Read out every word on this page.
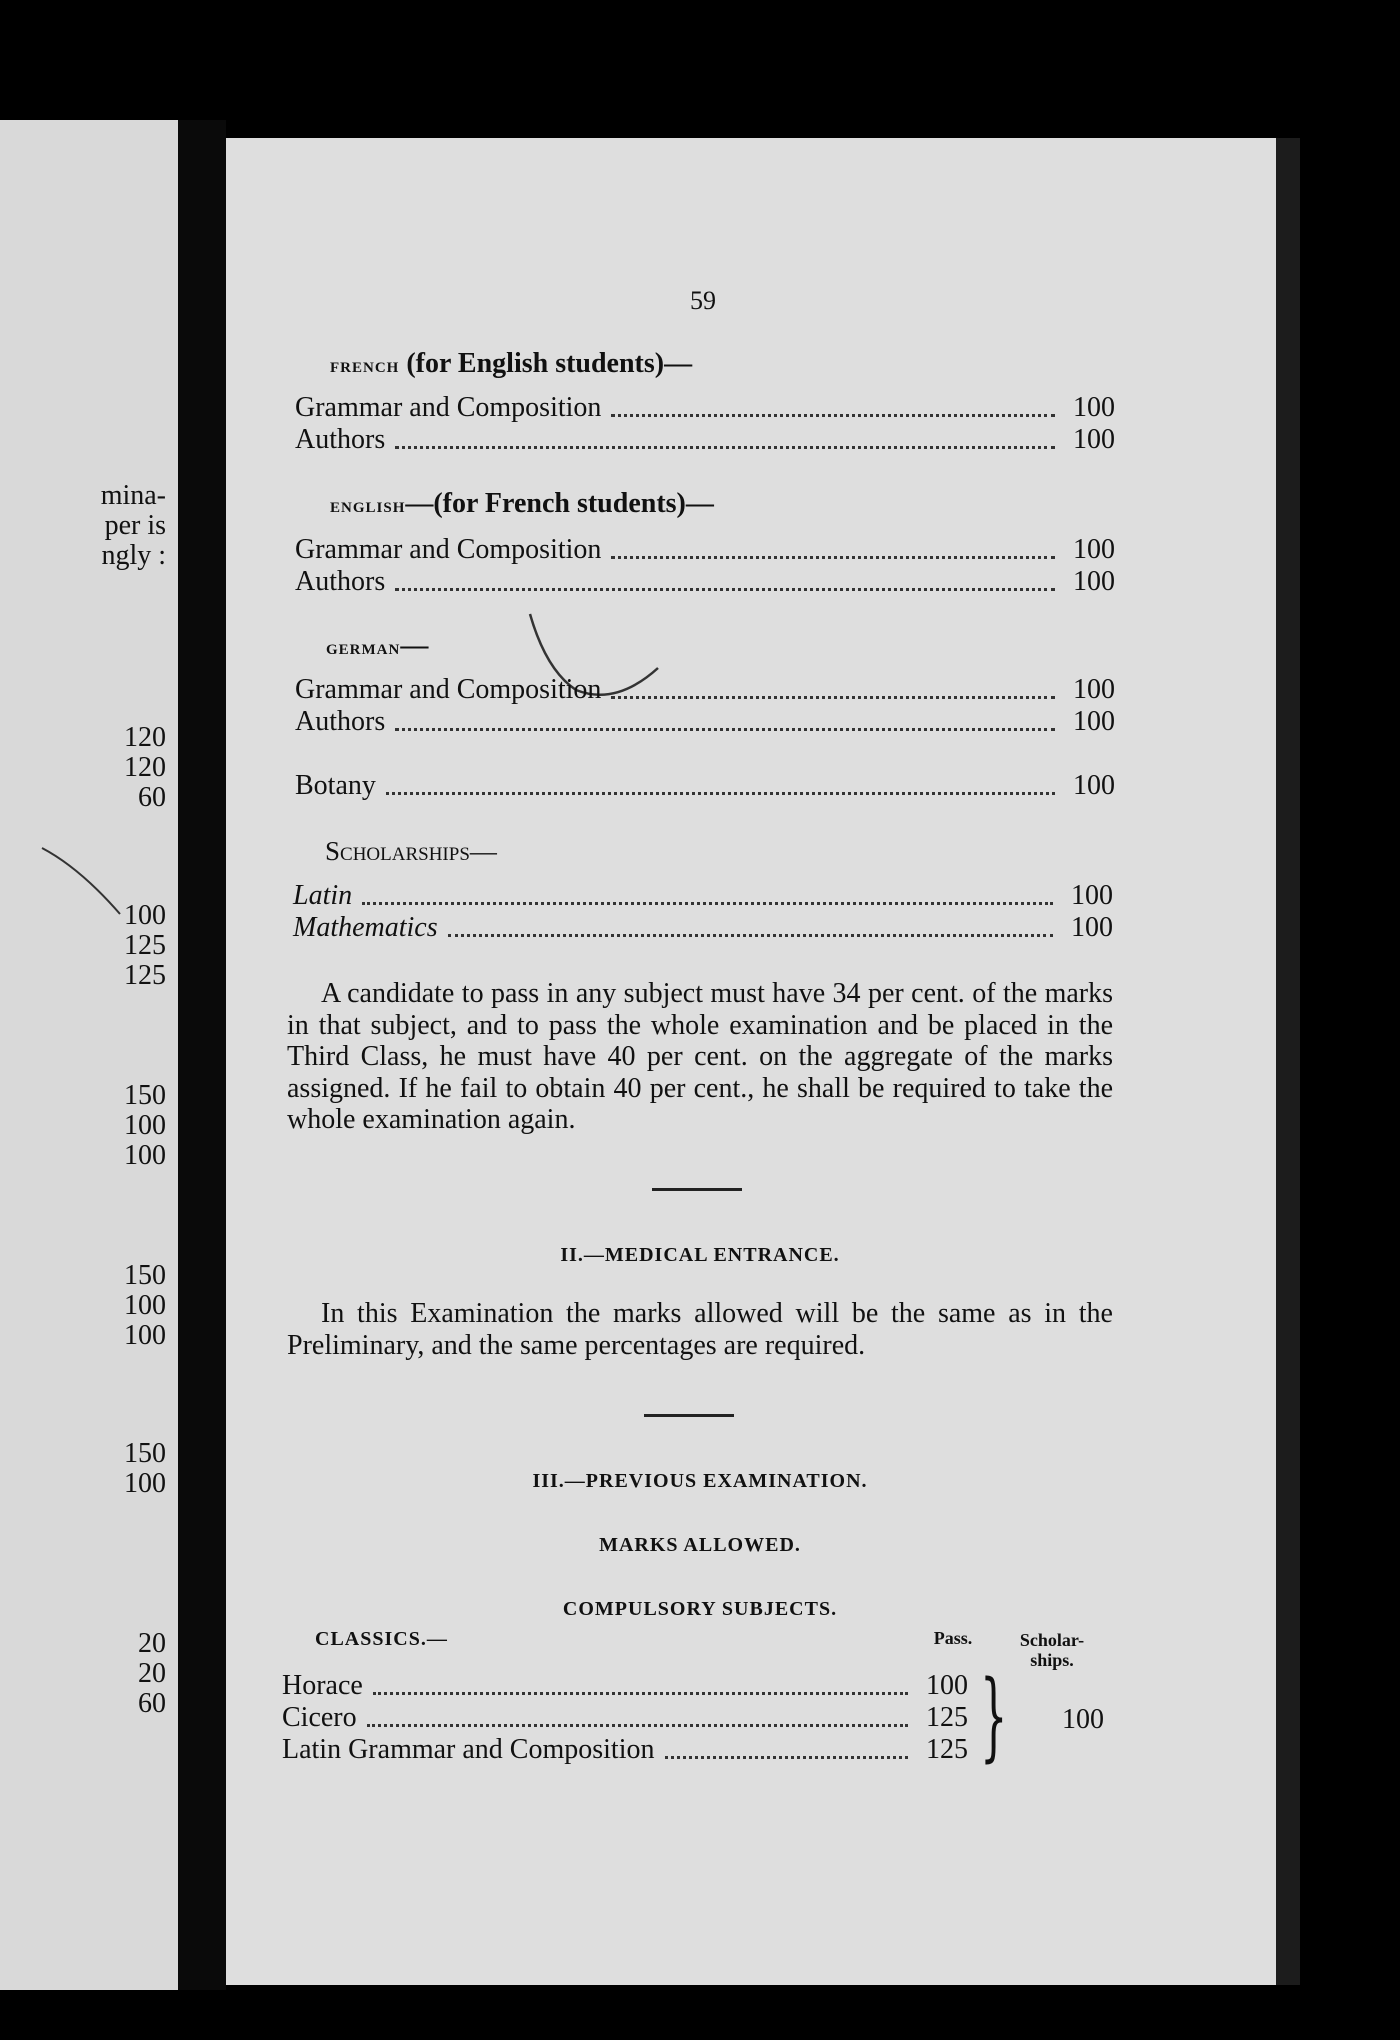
mina-
per is
ngly :
120
120
60
100
125
125
150
100
100
150
100
100
150
100
20
20
60
59
french (for English students)—
Grammar and Composition	100
Authors	100
english—(for French students)—
Grammar and Composition	100
Authors	100
german—
Grammar and Composition	100
Authors	100
Botany	100
Scholarships—
Latin	100
Mathematics	100
A candidate to pass in any subject must have 34 per cent. of the marks in that subject, and to pass the whole examination and be placed in the Third Class, he must have 40 per cent. on the aggregate of the marks assigned. If he fail to obtain 40 per cent., he shall be required to take the whole examination again.
II.—MEDICAL ENTRANCE.
In this Examination the marks allowed will be the same as in the Preliminary, and the same percentages are required.
III.—PREVIOUS EXAMINATION.
MARKS ALLOWED.
COMPULSORY SUBJECTS.
CLASSICS.—	Pass.	Scholar-
ships.
Horace	100
Cicero	125
Latin Grammar and Composition	125 } 100
